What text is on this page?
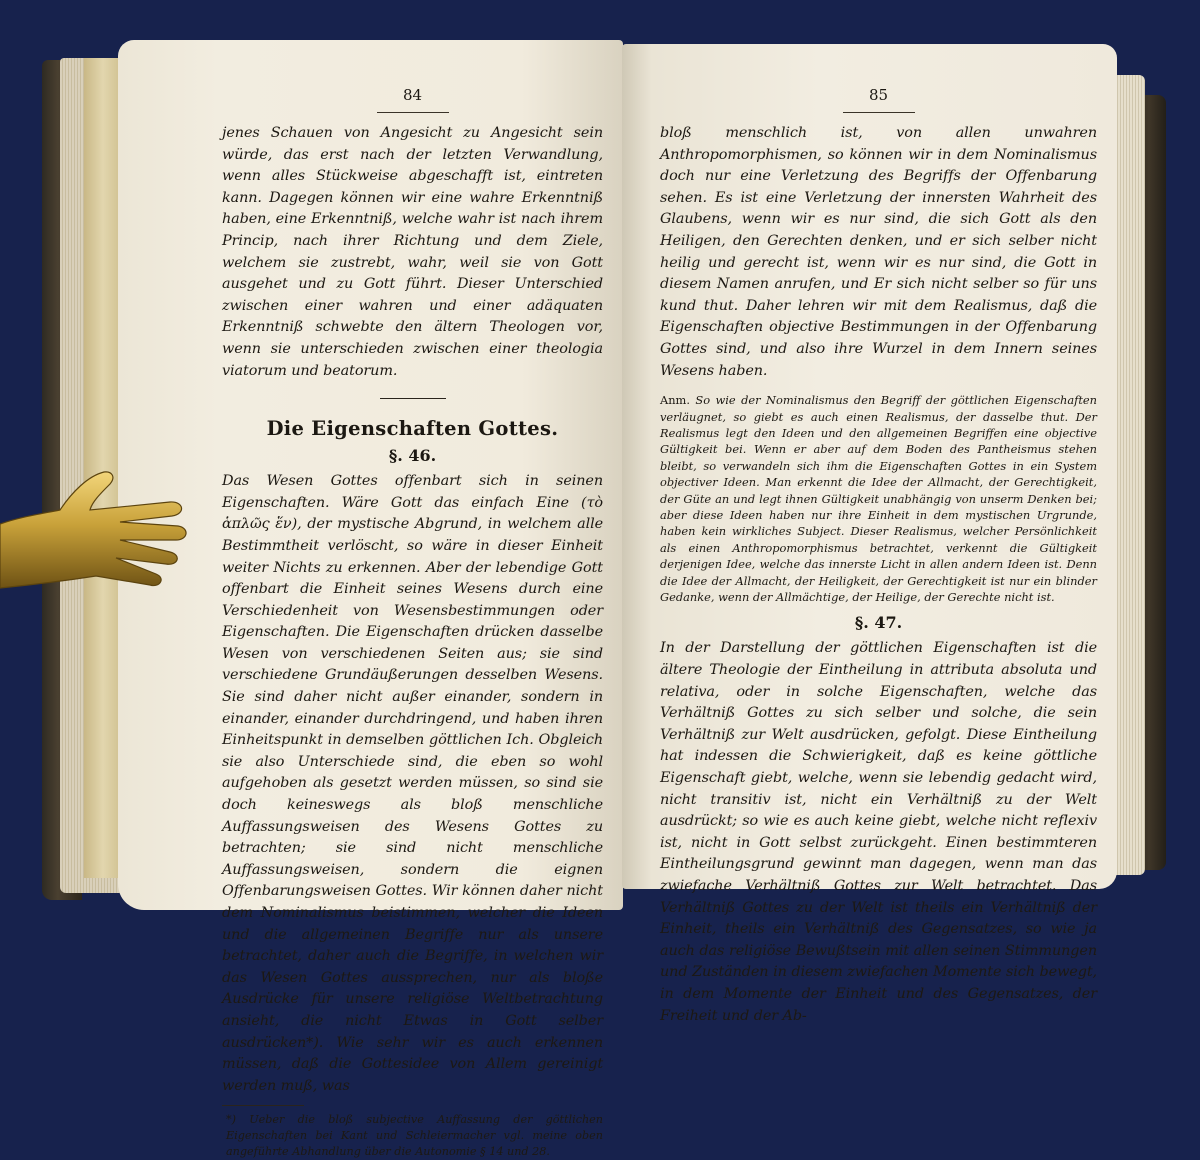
84

jenes Schauen von Angesicht zu Angesicht sein würde, das erst nach der letzten Verwandlung, wenn alles Stückweise abgeschafft ist, eintreten kann. Dagegen können wir eine wahre Erkenntniß haben, eine Erkenntniß, welche wahr ist nach ihrem Princip, nach ihrer Richtung und dem Ziele, welchem sie zustrebt, wahr, weil sie von Gott ausgehet und zu Gott führt. Dieser Unterschied zwischen einer wahren und einer adäquaten Erkenntniß schwebte den ältern Theologen vor, wenn sie unterschieden zwischen einer theologia viatorum und beatorum.

Die Eigenschaften Gottes.
§. 46.

Das Wesen Gottes offenbart sich in seinen Eigenschaften. Wäre Gott das einfach Eine (τὸ ἁπλῶς ἕν), der mystische Abgrund, in welchem alle Bestimmtheit verlöscht, so wäre in dieser Einheit weiter Nichts zu erkennen. Aber der lebendige Gott offenbart die Einheit seines Wesens durch eine Verschiedenheit von Wesensbestimmungen oder Eigenschaften. Die Eigenschaften drücken dasselbe Wesen von verschiedenen Seiten aus; sie sind verschiedene Grundäußerungen desselben Wesens. Sie sind daher nicht außer einander, sondern in einander, einander durchdringend, und haben ihren Einheitspunkt in demselben göttlichen Ich. Obgleich sie also Unterschiede sind, die eben so wohl aufgehoben als gesetzt werden müssen, so sind sie doch keineswegs als bloß menschliche Auffassungsweisen des Wesens Gottes zu betrachten; sie sind nicht menschliche Auffassungsweisen, sondern die eignen Offenbarungsweisen Gottes. Wir können daher nicht dem Nominalismus beistimmen, welcher die Ideen und die allgemeinen Begriffe nur als unsere betrachtet, daher auch die Begriffe, in welchen wir das Wesen Gottes aussprechen, nur als bloße Ausdrücke für unsere religiöse Weltbetrachtung ansieht, die nicht Etwas in Gott selber ausdrücken*). Wie sehr wir es auch erkennen müssen, daß die Gottesidee von Allem gereinigt werden muß, was

*) Ueber die bloß subjective Auffassung der göttlichen Eigenschaften bei Kant und Schleiermacher vgl. meine oben angeführte Abhandlung über die Autonomie § 14 und 28.

85

bloß menschlich ist, von allen unwahren Anthropomorphismen, so können wir in dem Nominalismus doch nur eine Verletzung des Begriffs der Offenbarung sehen. Es ist eine Verletzung der innersten Wahrheit des Glaubens, wenn wir es nur sind, die sich Gott als den Heiligen, den Gerechten denken, und er sich selber nicht heilig und gerecht ist, wenn wir es nur sind, die Gott in diesem Namen anrufen, und Er sich nicht selber so für uns kund thut. Daher lehren wir mit dem Realismus, daß die Eigenschaften objective Bestimmungen in der Offenbarung Gottes sind, und also ihre Wurzel in dem Innern seines Wesens haben.

Anm. So wie der Nominalismus den Begriff der göttlichen Eigenschaften verläugnet, so giebt es auch einen Realismus, der dasselbe thut. Der Realismus legt den Ideen und den allgemeinen Begriffen eine objective Gültigkeit bei. Wenn er aber auf dem Boden des Pantheismus stehen bleibt, so verwandeln sich ihm die Eigenschaften Gottes in ein System objectiver Ideen. Man erkennt die Idee der Allmacht, der Gerechtigkeit, der Güte an und legt ihnen Gültigkeit unabhängig von unserm Denken bei; aber diese Ideen haben nur ihre Einheit in dem mystischen Urgrunde, haben kein wirkliches Subject. Dieser Realismus, welcher Persönlichkeit als einen Anthropomorphismus betrachtet, verkennt die Gültigkeit derjenigen Idee, welche das innerste Licht in allen andern Ideen ist. Denn die Idee der Allmacht, der Heiligkeit, der Gerechtigkeit ist nur ein blinder Gedanke, wenn der Allmächtige, der Heilige, der Gerechte nicht ist.

§. 47.

In der Darstellung der göttlichen Eigenschaften ist die ältere Theologie der Eintheilung in attributa absoluta und relativa, oder in solche Eigenschaften, welche das Verhältniß Gottes zu sich selber und solche, die sein Verhältniß zur Welt ausdrücken, gefolgt. Diese Eintheilung hat indessen die Schwierigkeit, daß es keine göttliche Eigenschaft giebt, welche, wenn sie lebendig gedacht wird, nicht transitiv ist, nicht ein Verhältniß zu der Welt ausdrückt; so wie es auch keine giebt, welche nicht reflexiv ist, nicht in Gott selbst zurückgeht. Einen bestimmteren Eintheilungsgrund gewinnt man dagegen, wenn man das zwiefache Verhältniß Gottes zur Welt betrachtet. Das Verhältniß Gottes zu der Welt ist theils ein Verhältniß der Einheit, theils ein Verhältniß des Gegensatzes, so wie ja auch das religiöse Bewußtsein mit allen seinen Stimmungen und Zuständen in diesem zwiefachen Momente sich bewegt, in dem Momente der Einheit und des Gegensatzes, der Freiheit und der Ab-
